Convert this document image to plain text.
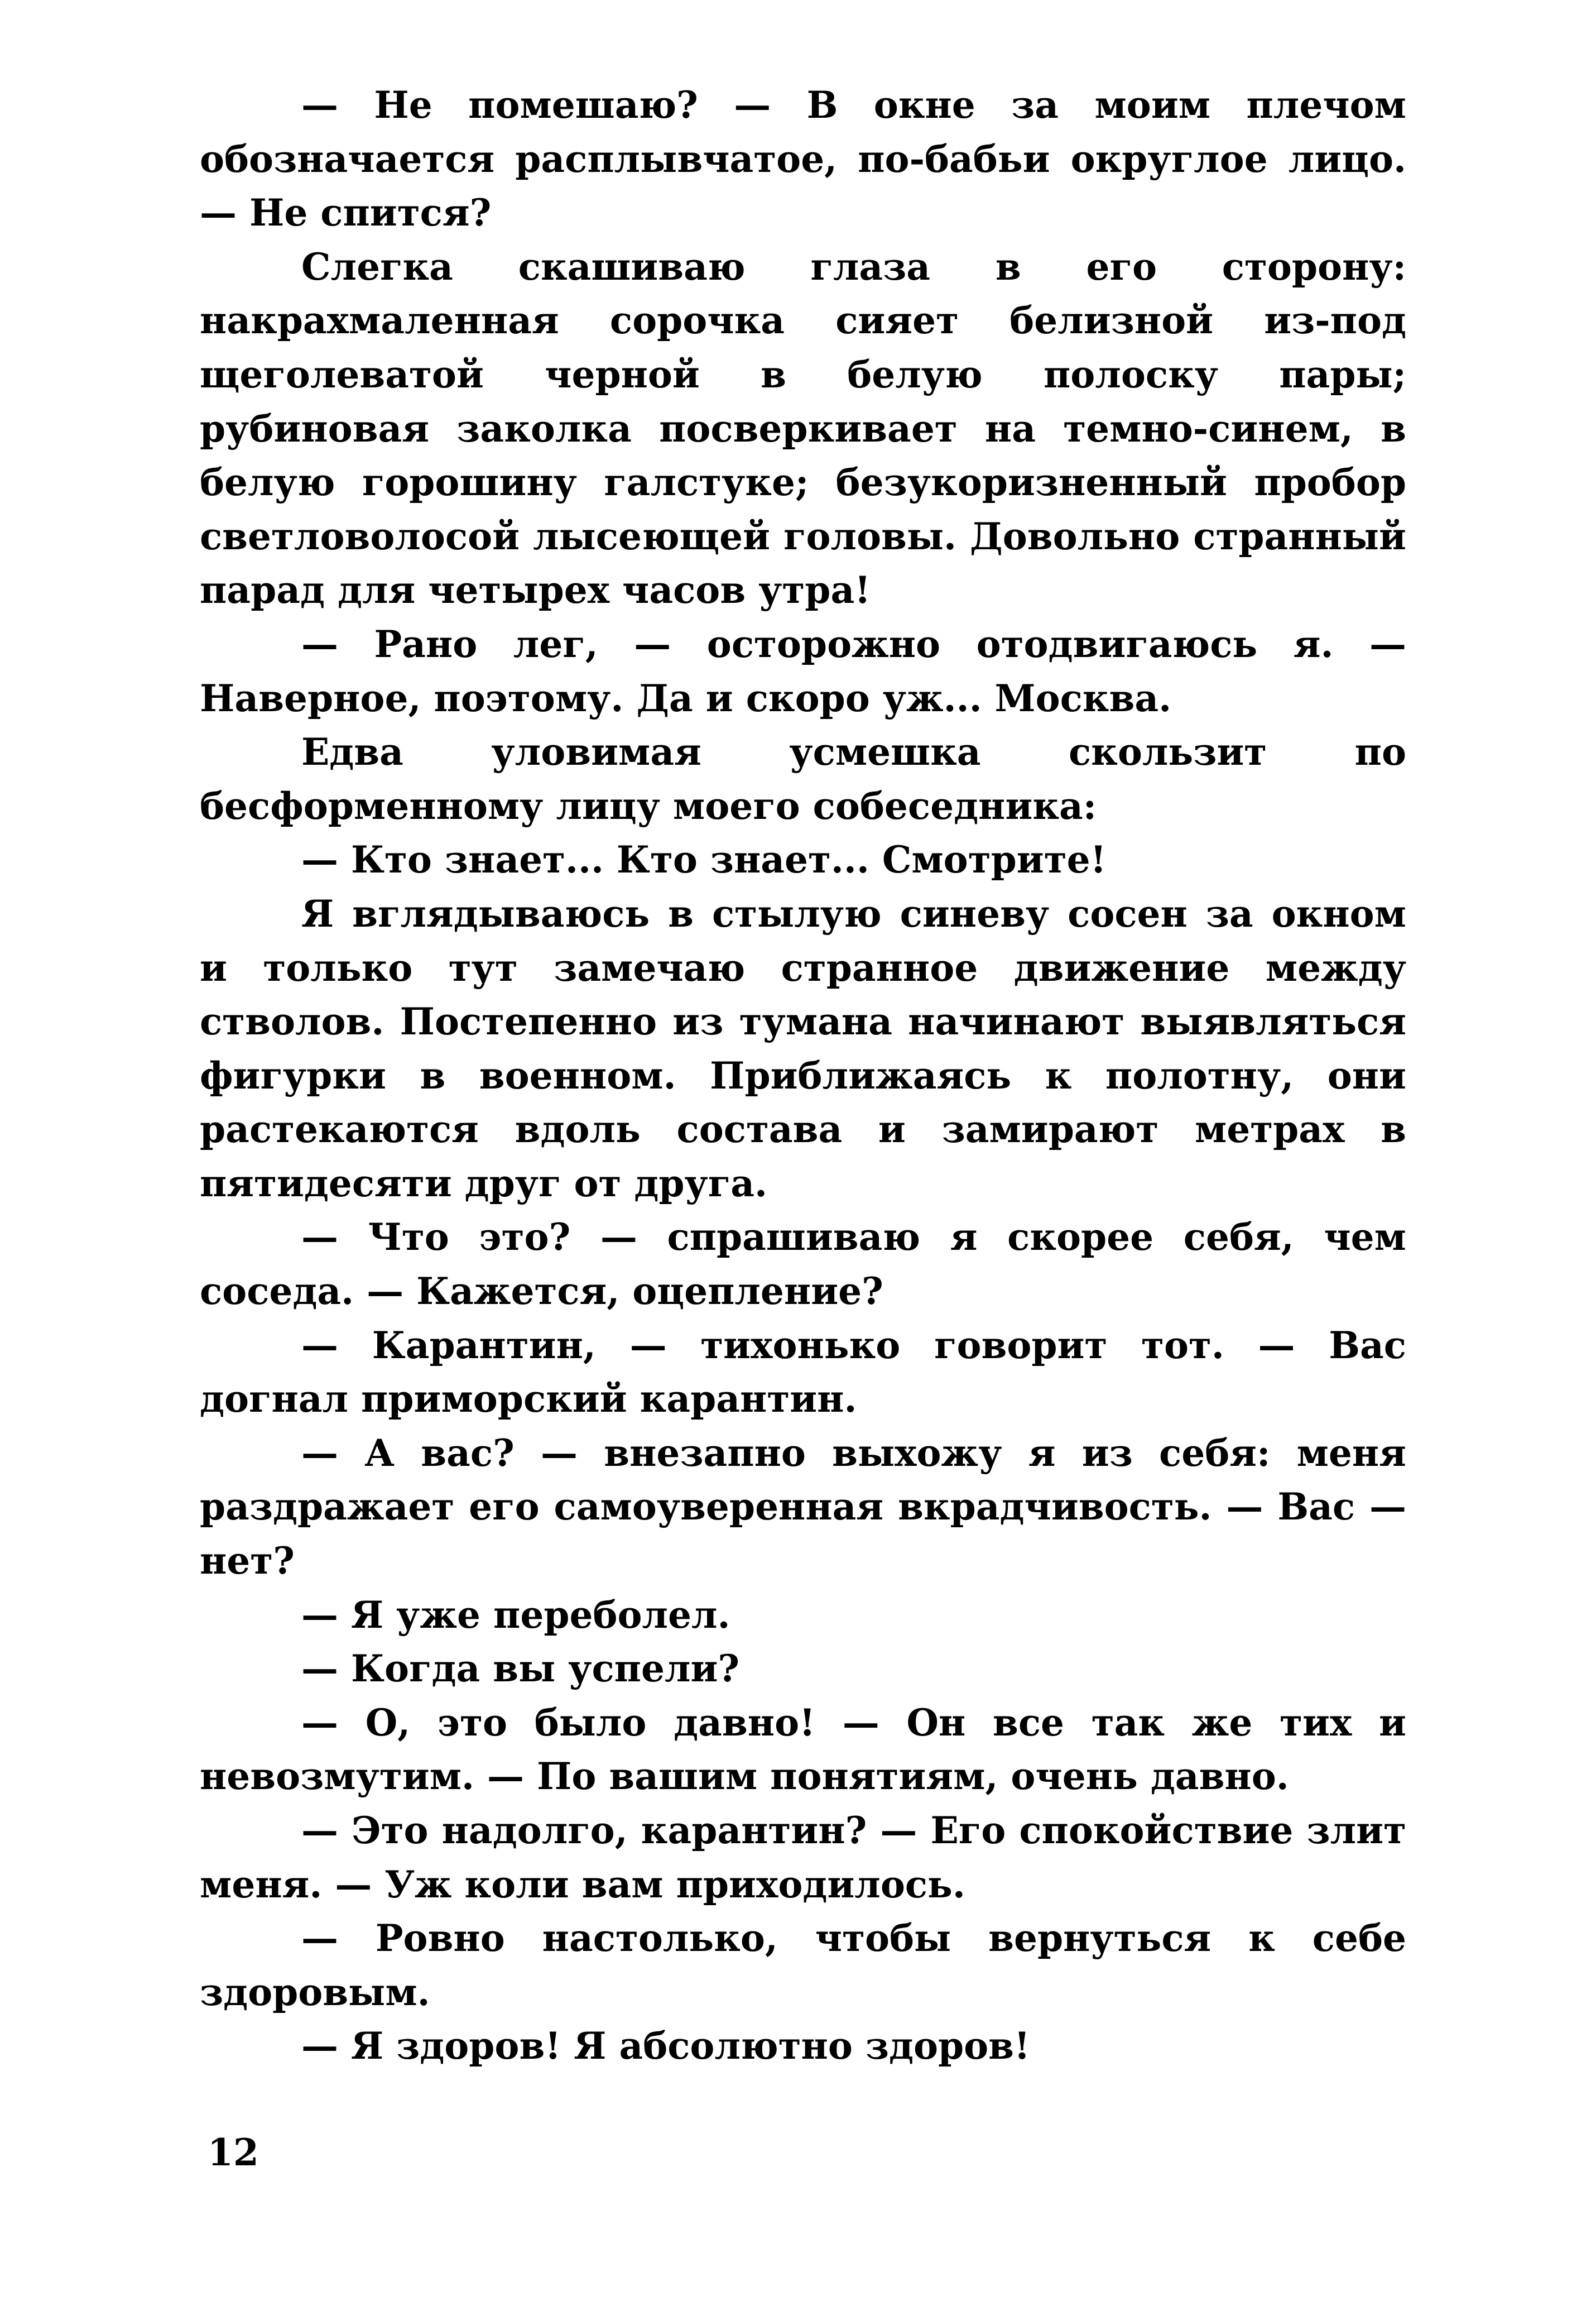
— Не помешаю? — В окне за моим плечом обозначается расплывчатое, по-бабьи округлое лицо. — Не спится?

Слегка скашиваю глаза в его сторону: накрахмаленная сорочка сияет белизной из-под щеголеватой черной в белую полоску пары; рубиновая заколка посверкивает на темно-синем, в белую горошину галстуке; безукоризненный пробор светловолосой лысеющей головы. Довольно странный парад для четырех часов утра!

— Рано лег, — осторожно отодвигаюсь я. — Наверное, поэтому. Да и скоро уж... Москва.

Едва уловимая усмешка скользит по бесформенному лицу моего собеседника:

— Кто знает... Кто знает... Смотрите!

Я вглядываюсь в стылую синеву сосен за окном и только тут замечаю странное движение между стволов. Постепенно из тумана начинают выявляться фигурки в военном. Приближаясь к полотну, они растекаются вдоль состава и замирают метрах в пятидесяти друг от друга.

— Что это? — спрашиваю я скорее себя, чем соседа. — Кажется, оцепление?

— Карантин, — тихонько говорит тот. — Вас догнал приморский карантин.

— А вас? — внезапно выхожу я из себя: меня раздражает его самоуверенная вкрадчивость. — Вас — нет?

— Я уже переболел.

— Когда вы успели?

— О, это было давно! — Он все так же тих и невозмутим. — По вашим понятиям, очень давно.

— Это надолго, карантин? — Его спокойствие злит меня. — Уж коли вам приходилось.

— Ровно настолько, чтобы вернуться к себе здоровым.

— Я здоров! Я абсолютно здоров!

12
